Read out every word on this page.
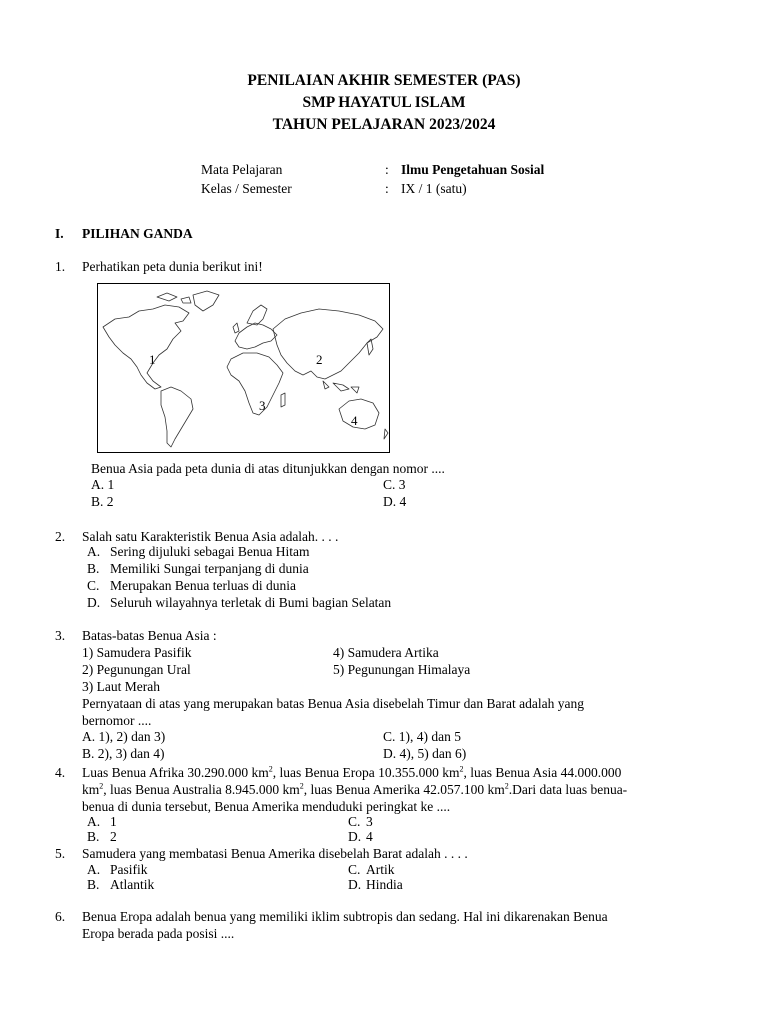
PENILAIAN AKHIR SEMESTER (PAS)
SMP HAYATUL ISLAM
TAHUN PELAJARAN 2023/2024
Mata Pelajaran	: Ilmu Pengetahuan Sosial
Kelas / Semester	: IX / 1 (satu)
I. PILIHAN GANDA
1. Perhatikan peta dunia berikut ini!
1	2
3
4
Benua Asia pada peta dunia di atas ditunjukkan dengan nomor ....
A. 1	C. 3
B. 2	D. 4
2. Salah satu Karakteristik Benua Asia adalah. . . .
A. Sering dijuluki sebagai Benua Hitam
B. Memiliki Sungai terpanjang di dunia
C. Merupakan Benua terluas di dunia
D. Seluruh wilayahnya terletak di Bumi bagian Selatan
3. Batas-batas Benua Asia :
1) Samudera Pasifik	4) Samudera Artika
2) Pegunungan Ural	5) Pegunungan Himalaya
3) Laut Merah
Pernyataan di atas yang merupakan batas Benua Asia disebelah Timur dan Barat adalah yang
bernomor ....
A. 1), 2) dan 3)	C. 1), 4) dan 5
B. 2), 3) dan 4)	D. 4), 5) dan 6)
4. Luas Benua Afrika 30.290.000 $km^2$, luas Benua Eropa 10.355.000 $km^2$, luas Benua Asia 44.000.000
$km^2$, luas Benua Australia 8.945.000 $km^2$, luas Benua Amerika 42.057.100 $km^2.Dari$ data luas benua-
benua di dunia tersebut, Benua Amerika menduduki peringkat ke ....
A. 1	C. 3
B. 2	D. 4
5. Samudera yang membatasi Benua Amerika disebelah Barat adalah . . . .
A. Pasifik	C. Artik
B. Atlantik	D. Hindia
6. Benua Eropa adalah benua yang memiliki iklim subtropis dan sedang. Hal ini dikarenakan Benua
Eropa berada pada posisi ....
